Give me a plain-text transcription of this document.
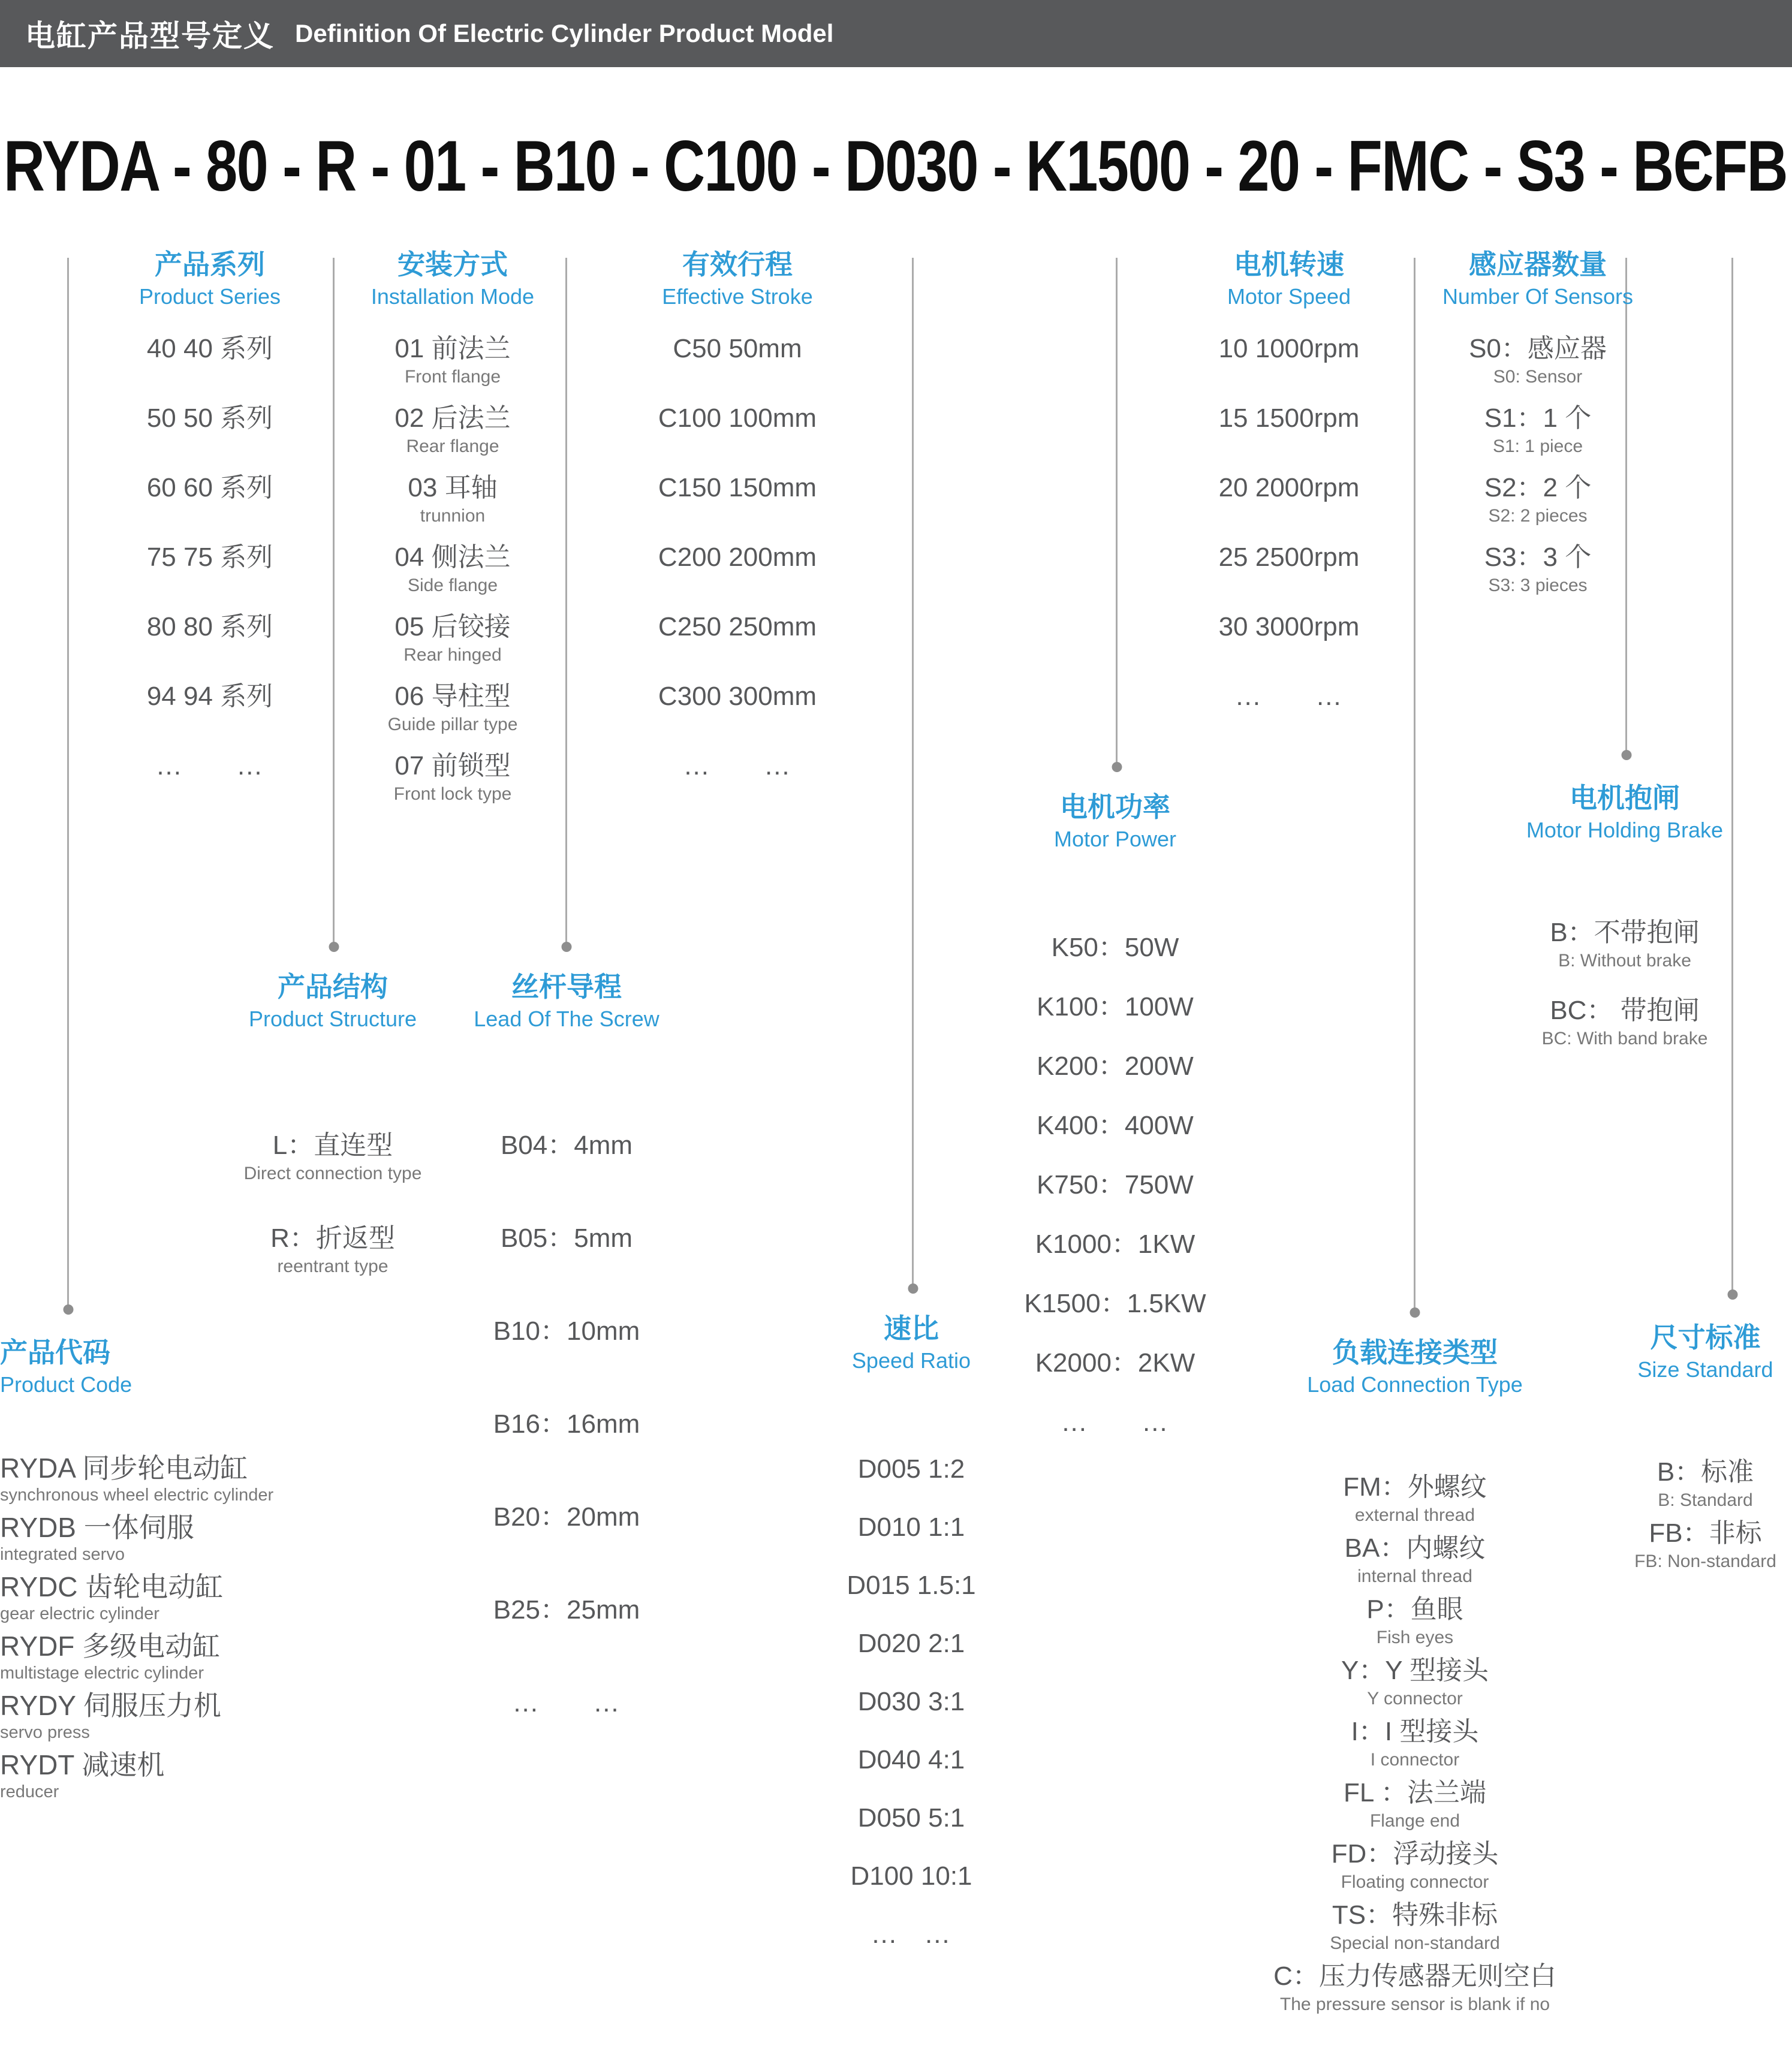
电缸产品型号定义 Definition Of Electric Cylinder Product Model
RYDA - 80 - R - 01 - B10 - C100 - D030 - K1500 - 20 - FMC - S3 - BЄFB
产品系列
Product Series
40 40 系列
50 50 系列
60 60 系列
75 75 系列
80 80 系列
94 94 系列
...　　...
安装方式
Installation Mode
01 前法兰
Front flange
02 后法兰
Rear flange
03 耳轴
trunnion
04 侧法兰
Side flange
05 后铰接
Rear hinged
06 导柱型
Guide pillar type
07 前锁型
Front lock type
有效行程
Effective Stroke
C50 50mm
C100 100mm
C150 150mm
C200 200mm
C250 250mm
C300 300mm
...　　...
电机转速
Motor Speed
10 1000rpm
15 1500rpm
20 2000rpm
25 2500rpm
30 3000rpm
...　　...
感应器数量
Number Of Sensors
S0：感应器
S0: Sensor
S1：1 个
S1: 1 piece
S2：2 个
S2: 2 pieces
S3：3 个
S3: 3 pieces
产品结构
Product Structure
L：直连型
Direct connection type
R：折返型
reentrant type
丝杆导程
Lead Of The Screw
B04：4mm
B05：5mm
B10：10mm
B16：16mm
B20：20mm
B25：25mm
...　　...
电机功率
Motor Power
K50：50W
K100：100W
K200：200W
K400：400W
K750：750W
K1000：1KW
K1500：1.5KW
K2000：2KW
...　　...
电机抱闸
Motor Holding Brake
B：不带抱闸
B: Without brake
BC： 带抱闸
BC: With band brake
产品代码
Product Code
RYDA 同步轮电动缸
synchronous wheel electric cylinder
RYDB 一体伺服
integrated servo
RYDC 齿轮电动缸
gear electric cylinder
RYDF 多级电动缸
multistage electric cylinder
RYDY 伺服压力机
servo press
RYDT 减速机
reducer
速比
Speed Ratio
D005 1:2
D010 1:1
D015 1.5:1
D020 2:1
D030 3:1
D040 4:1
D050 5:1
D100 10:1
...　...
负载连接类型
Load Connection Type
FM：外螺纹
external thread
BA：内螺纹
internal thread
P：鱼眼
Fish eyes
Y：Y 型接头
Y connector
I：I 型接头
I connector
FL ：法兰端
Flange end
FD：浮动接头
Floating connector
TS：特殊非标
Special non-standard
C：压力传感器无则空白
The pressure sensor is blank if no
尺寸标准
Size Standard
B：标准
B: Standard
FB：非标
FB: Non-standard
